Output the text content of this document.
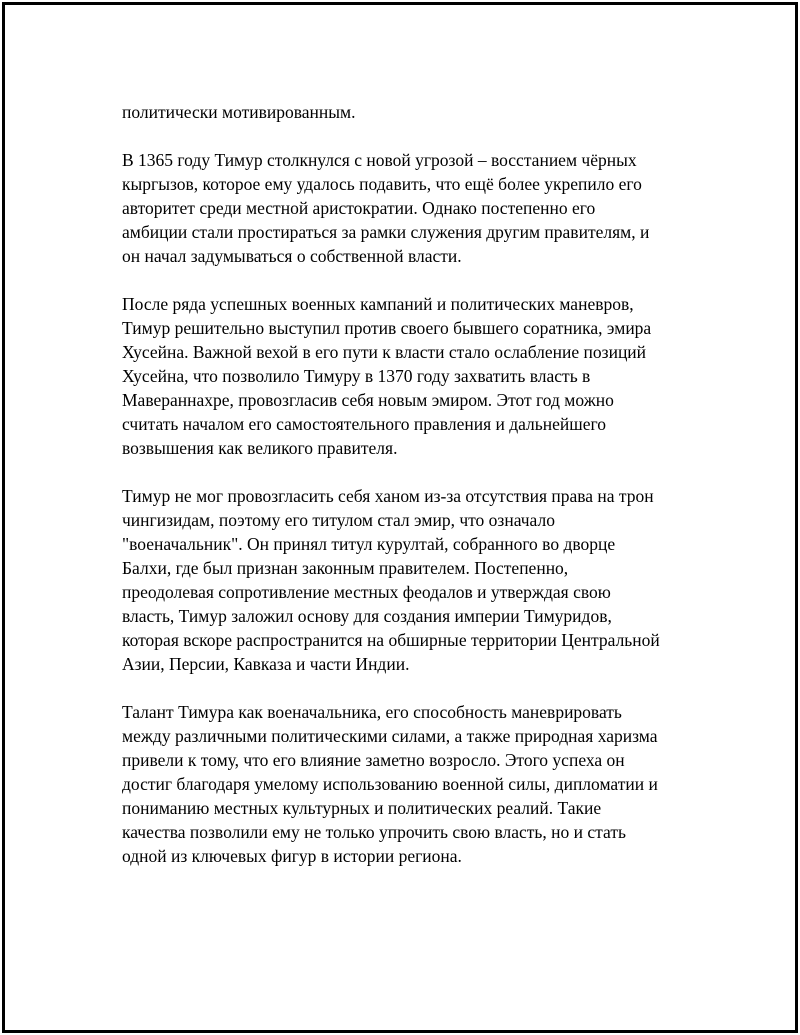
политически мотивированным.

В 1365 году Тимур столкнулся с новой угрозой – восстанием чёрных
кыргызов, которое ему удалось подавить, что ещё более укрепило его
авторитет среди местной аристократии. Однако постепенно его
амбиции стали простираться за рамки служения другим правителям, и
он начал задумываться о собственной власти.

После ряда успешных военных кампаний и политических маневров,
Тимур решительно выступил против своего бывшего соратника, эмира
Хусейна. Важной вехой в его пути к власти стало ослабление позиций
Хусейна, что позволило Тимуру в 1370 году захватить власть в
Мавераннахре, провозгласив себя новым эмиром. Этот год можно
считать началом его самостоятельного правления и дальнейшего
возвышения как великого правителя.

Тимур не мог провозгласить себя ханом из-за отсутствия права на трон
чингизидам, поэтому его титулом стал эмир, что означало
"военачальник". Он принял титул курултай, собранного во дворце
Балхи, где был признан законным правителем. Постепенно,
преодолевая сопротивление местных феодалов и утверждая свою
власть, Тимур заложил основу для создания империи Тимуридов,
которая вскоре распространится на обширные территории Центральной
Азии, Персии, Кавказа и части Индии.

Талант Тимура как военачальника, его способность маневрировать
между различными политическими силами, а также природная харизма
привели к тому, что его влияние заметно возросло. Этого успеха он
достиг благодаря умелому использованию военной силы, дипломатии и
пониманию местных культурных и политических реалий. Такие
качества позволили ему не только упрочить свою власть, но и стать
одной из ключевых фигур в истории региона.
